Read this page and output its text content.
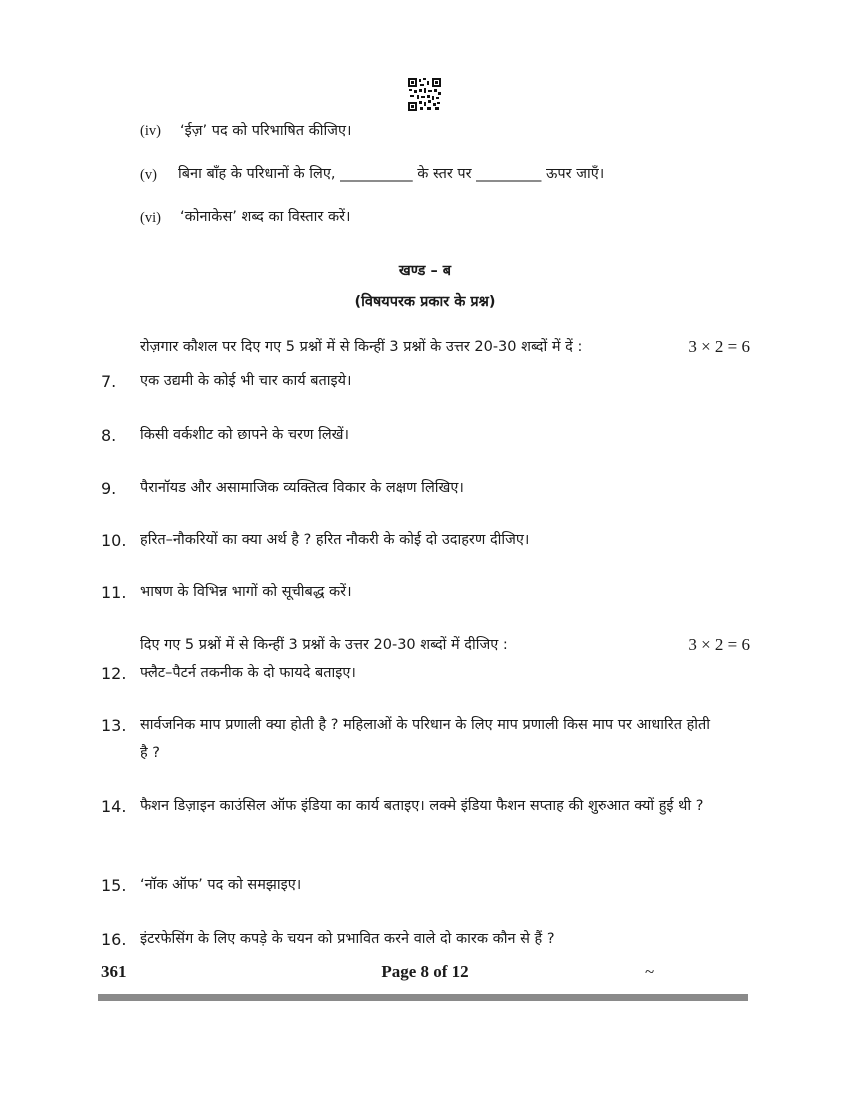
(iv) ‘ईज़’ पद को परिभाषित कीजिए।
(v) बिना बाँह के परिधानों के लिए, __________ के स्तर पर _________ ऊपर जाएँ।
(vi) ‘कोनाकेस’ शब्द का विस्तार करें।
खण्ड – ब
(विषयपरक प्रकार के प्रश्न)
रोज़गार कौशल पर दिए गए 5 प्रश्नों में से किन्हीं 3 प्रश्नों के उत्तर 20-30 शब्दों में दें :	3 × 2 = 6
7. एक उद्यमी के कोई भी चार कार्य बताइये।
8. किसी वर्कशीट को छापने के चरण लिखें।
9. पैरानॉयड और असामाजिक व्यक्तित्व विकार के लक्षण लिखिए।
10. हरित–नौकरियों का क्या अर्थ है ? हरित नौकरी के कोई दो उदाहरण दीजिए।
11. भाषण के विभिन्न भागों को सूचीबद्ध करें।
दिए गए 5 प्रश्नों में से किन्हीं 3 प्रश्नों के उत्तर 20-30 शब्दों में दीजिए :	3 × 2 = 6
12. फ्लैट–पैटर्न तकनीक के दो फायदे बताइए।
13. सार्वजनिक माप प्रणाली क्या होती है ? महिलाओं के परिधान के लिए माप प्रणाली किस माप पर आधारित होती है ?
14. फैशन डिज़ाइन काउंसिल ऑफ इंडिया का कार्य बताइए। लक्मे इंडिया फैशन सप्ताह की शुरुआत क्यों हुई थी ?
15. ‘नॉक ऑफ’ पद को समझाइए।
16. इंटरफेसिंग के लिए कपड़े के चयन को प्रभावित करने वाले दो कारक कौन से हैं ?
361	Page 8 of 12	~
